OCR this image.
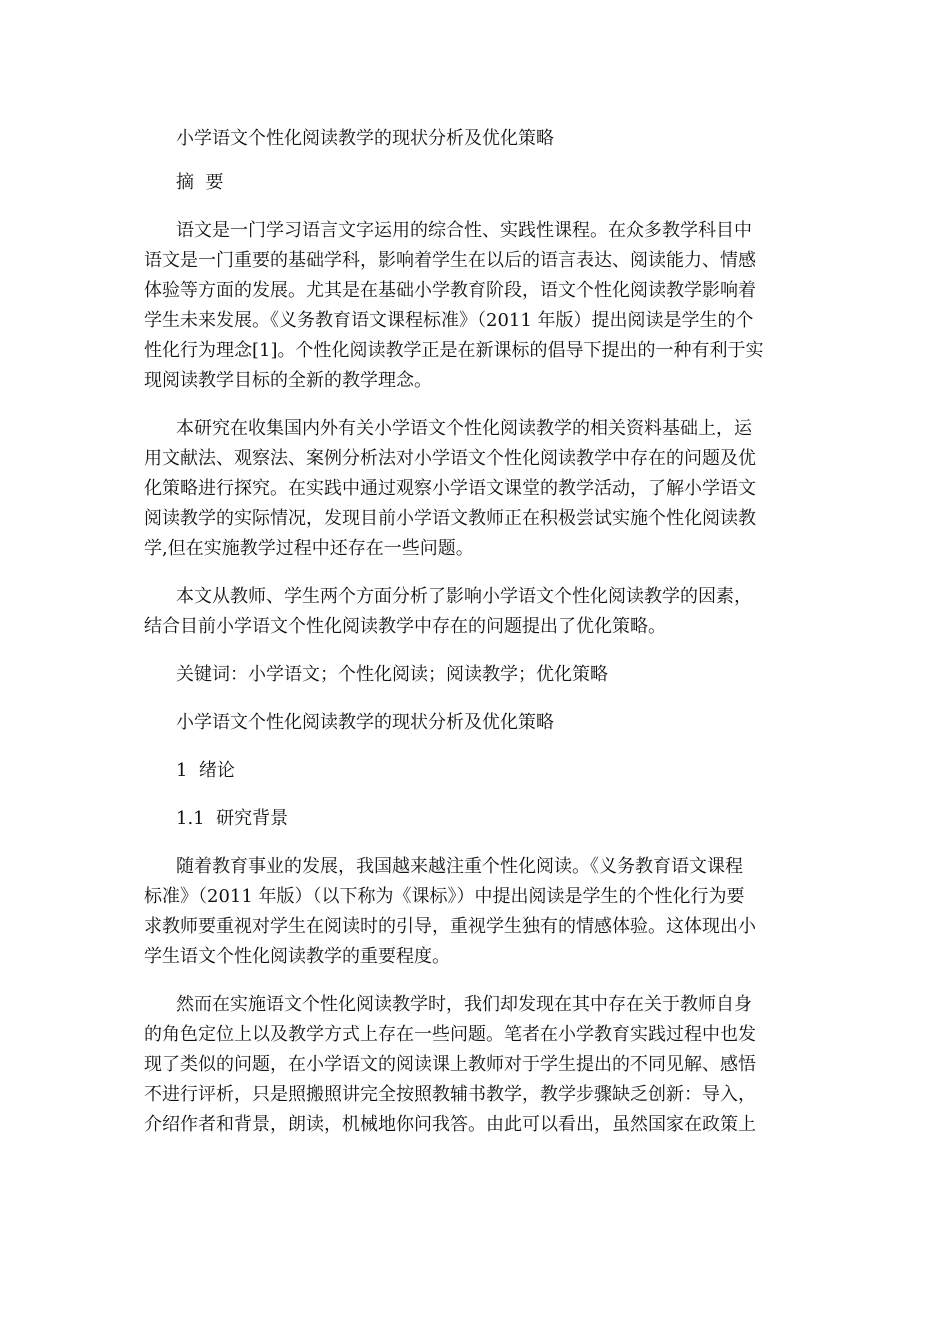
小学语文个性化阅读教学的现状分析及优化策略
摘  要
语文是一门学习语言文字运用的综合性、实践性课程。在众多教学科目中
语文是一门重要的基础学科，影响着学生在以后的语言表达、阅读能力、情感
体验等方面的发展。尤其是在基础小学教育阶段，语文个性化阅读教学影响着
学生未来发展。《义务教育语文课程标准》（2011 年版）提出阅读是学生的个
性化行为理念[1]。个性化阅读教学正是在新课标的倡导下提出的一种有利于实
现阅读教学目标的全新的教学理念。
本研究在收集国内外有关小学语文个性化阅读教学的相关资料基础上，运
用文献法、观察法、案例分析法对小学语文个性化阅读教学中存在的问题及优
化策略进行探究。在实践中通过观察小学语文课堂的教学活动，了解小学语文
阅读教学的实际情况，发现目前小学语文教师正在积极尝试实施个性化阅读教
学,但在实施教学过程中还存在一些问题。
本文从教师、学生两个方面分析了影响小学语文个性化阅读教学的因素，
结合目前小学语文个性化阅读教学中存在的问题提出了优化策略。
关键词：小学语文；个性化阅读；阅读教学；优化策略
小学语文个性化阅读教学的现状分析及优化策略
1  绪论
1.1  研究背景
随着教育事业的发展，我国越来越注重个性化阅读。《义务教育语文课程
标准》（2011 年版）（以下称为《课标》）中提出阅读是学生的个性化行为要
求教师要重视对学生在阅读时的引导，重视学生独有的情感体验。这体现出小
学生语文个性化阅读教学的重要程度。
然而在实施语文个性化阅读教学时，我们却发现在其中存在关于教师自身
的角色定位上以及教学方式上存在一些问题。笔者在小学教育实践过程中也发
现了类似的问题，在小学语文的阅读课上教师对于学生提出的不同见解、感悟
不进行评析，只是照搬照讲完全按照教辅书教学，教学步骤缺乏创新：导入，
介绍作者和背景，朗读，机械地你问我答。由此可以看出，虽然国家在政策上
